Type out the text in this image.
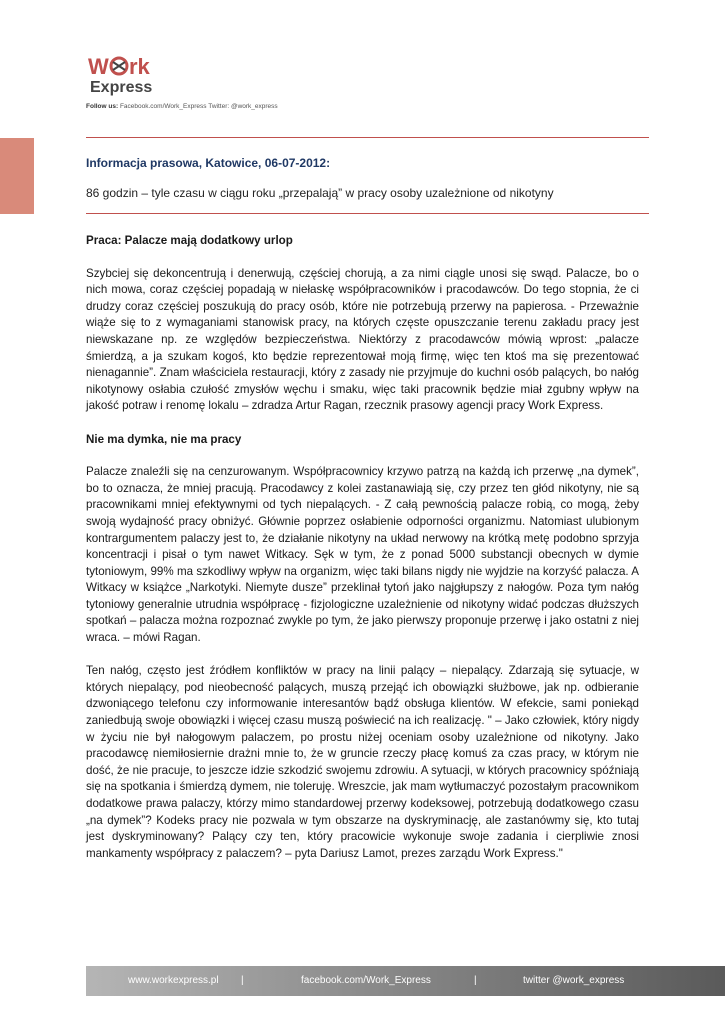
W rk
Express
Follow us: Facebook.com/Work_Express Twitter: @work_express
Informacja prasowa, Katowice, 06-07-2012:
86 godzin – tyle czasu w ciągu roku „przepalają” w pracy osoby uzależnione od nikotyny
Praca: Palacze mają dodatkowy urlop

Szybciej się dekoncentrują i denerwują, częściej chorują, a za nimi ciągle unosi się swąd. Palacze, bo o nich mowa, coraz częściej popadają w niełaskę współpracowników i pracodawców. Do tego stopnia, że ci drudzy coraz częściej poszukują do pracy osób, które nie potrzebują przerwy na papierosa. - Przeważnie wiąże się to z wymaganiami stanowisk pracy, na których częste opuszczanie terenu zakładu pracy jest niewskazane np. ze względów bezpieczeństwa. Niektórzy z pracodawców mówią wprost: „palacze śmierdzą, a ja szukam kogoś, kto będzie reprezentował moją firmę, więc ten ktoś ma się prezentować nienagannie”. Znam właściciela restauracji, który z zasady nie przyjmuje do kuchni osób palących, bo nałóg nikotynowy osłabia czułość zmysłów węchu i smaku, więc taki pracownik będzie miał zgubny wpływ na jakość potraw i renomę lokalu – zdradza Artur Ragan, rzecznik prasowy agencji pracy Work Express.

Nie ma dymka, nie ma pracy

Palacze znaleźli się na cenzurowanym. Współpracownicy krzywo patrzą na każdą ich przerwę „na dymek”, bo to oznacza, że mniej pracują. Pracodawcy z kolei zastanawiają się, czy przez ten głód nikotyny, nie są pracownikami mniej efektywnymi od tych niepalących. - Z całą pewnością palacze robią, co mogą, żeby swoją wydajność pracy obniżyć. Głównie poprzez osłabienie odporności organizmu. Natomiast ulubionym kontrargumentem palaczy jest to, że działanie nikotyny na układ nerwowy na krótką metę podobno sprzyja koncentracji i pisał o tym nawet Witkacy. Sęk w tym, że z ponad 5000 substancji obecnych w dymie tytoniowym, 99% ma szkodliwy wpływ na organizm, więc taki bilans nigdy nie wyjdzie na korzyść palacza. A Witkacy w książce „Narkotyki. Niemyte dusze” przeklinał tytoń jako najgłupszy z nałogów. Poza tym nałóg tytoniowy generalnie utrudnia współpracę - fizjologiczne uzależnienie od nikotyny widać podczas dłuższych spotkań – palacza można rozpoznać zwykle po tym, że jako pierwszy proponuje przerwę i jako ostatni z niej wraca. – mówi Ragan.

Ten nałóg, często jest źródłem konfliktów w pracy na linii palący – niepalący. Zdarzają się sytuacje, w których niepalący, pod nieobecność palących, muszą przejąć ich obowiązki służbowe, jak np. odbieranie dzwoniącego telefonu czy informowanie interesantów bądź obsługa klientów. W efekcie, sami poniekąd zaniedbują swoje obowiązki i więcej czasu muszą poświecić na ich realizację. " – Jako człowiek, który nigdy w życiu nie był nałogowym palaczem, po prostu niżej oceniam osoby uzależnione od nikotyny. Jako pracodawcę niemiłosiernie drażni mnie to, że w gruncie rzeczy płacę komuś za czas pracy, w którym nie dość, że nie pracuje, to jeszcze idzie szkodzić swojemu zdrowiu. A sytuacji, w których pracownicy spóźniają się na spotkania i śmierdzą dymem, nie toleruję. Wreszcie, jak mam wytłumaczyć pozostałym pracownikom dodatkowe prawa palaczy, którzy mimo standardowej przerwy kodeksowej, potrzebują dodatkowego czasu „na dymek”? Kodeks pracy nie pozwala w tym obszarze na dyskryminację, ale zastanówmy się, kto tutaj jest dyskryminowany? Palący czy ten, który pracowicie wykonuje swoje zadania i cierpliwie znosi mankamenty współpracy z palaczem? – pyta Dariusz Lamot, prezes zarządu Work Express."

www.workexpress.pl |	facebook.com/Work_Express	|	twitter @work_express
